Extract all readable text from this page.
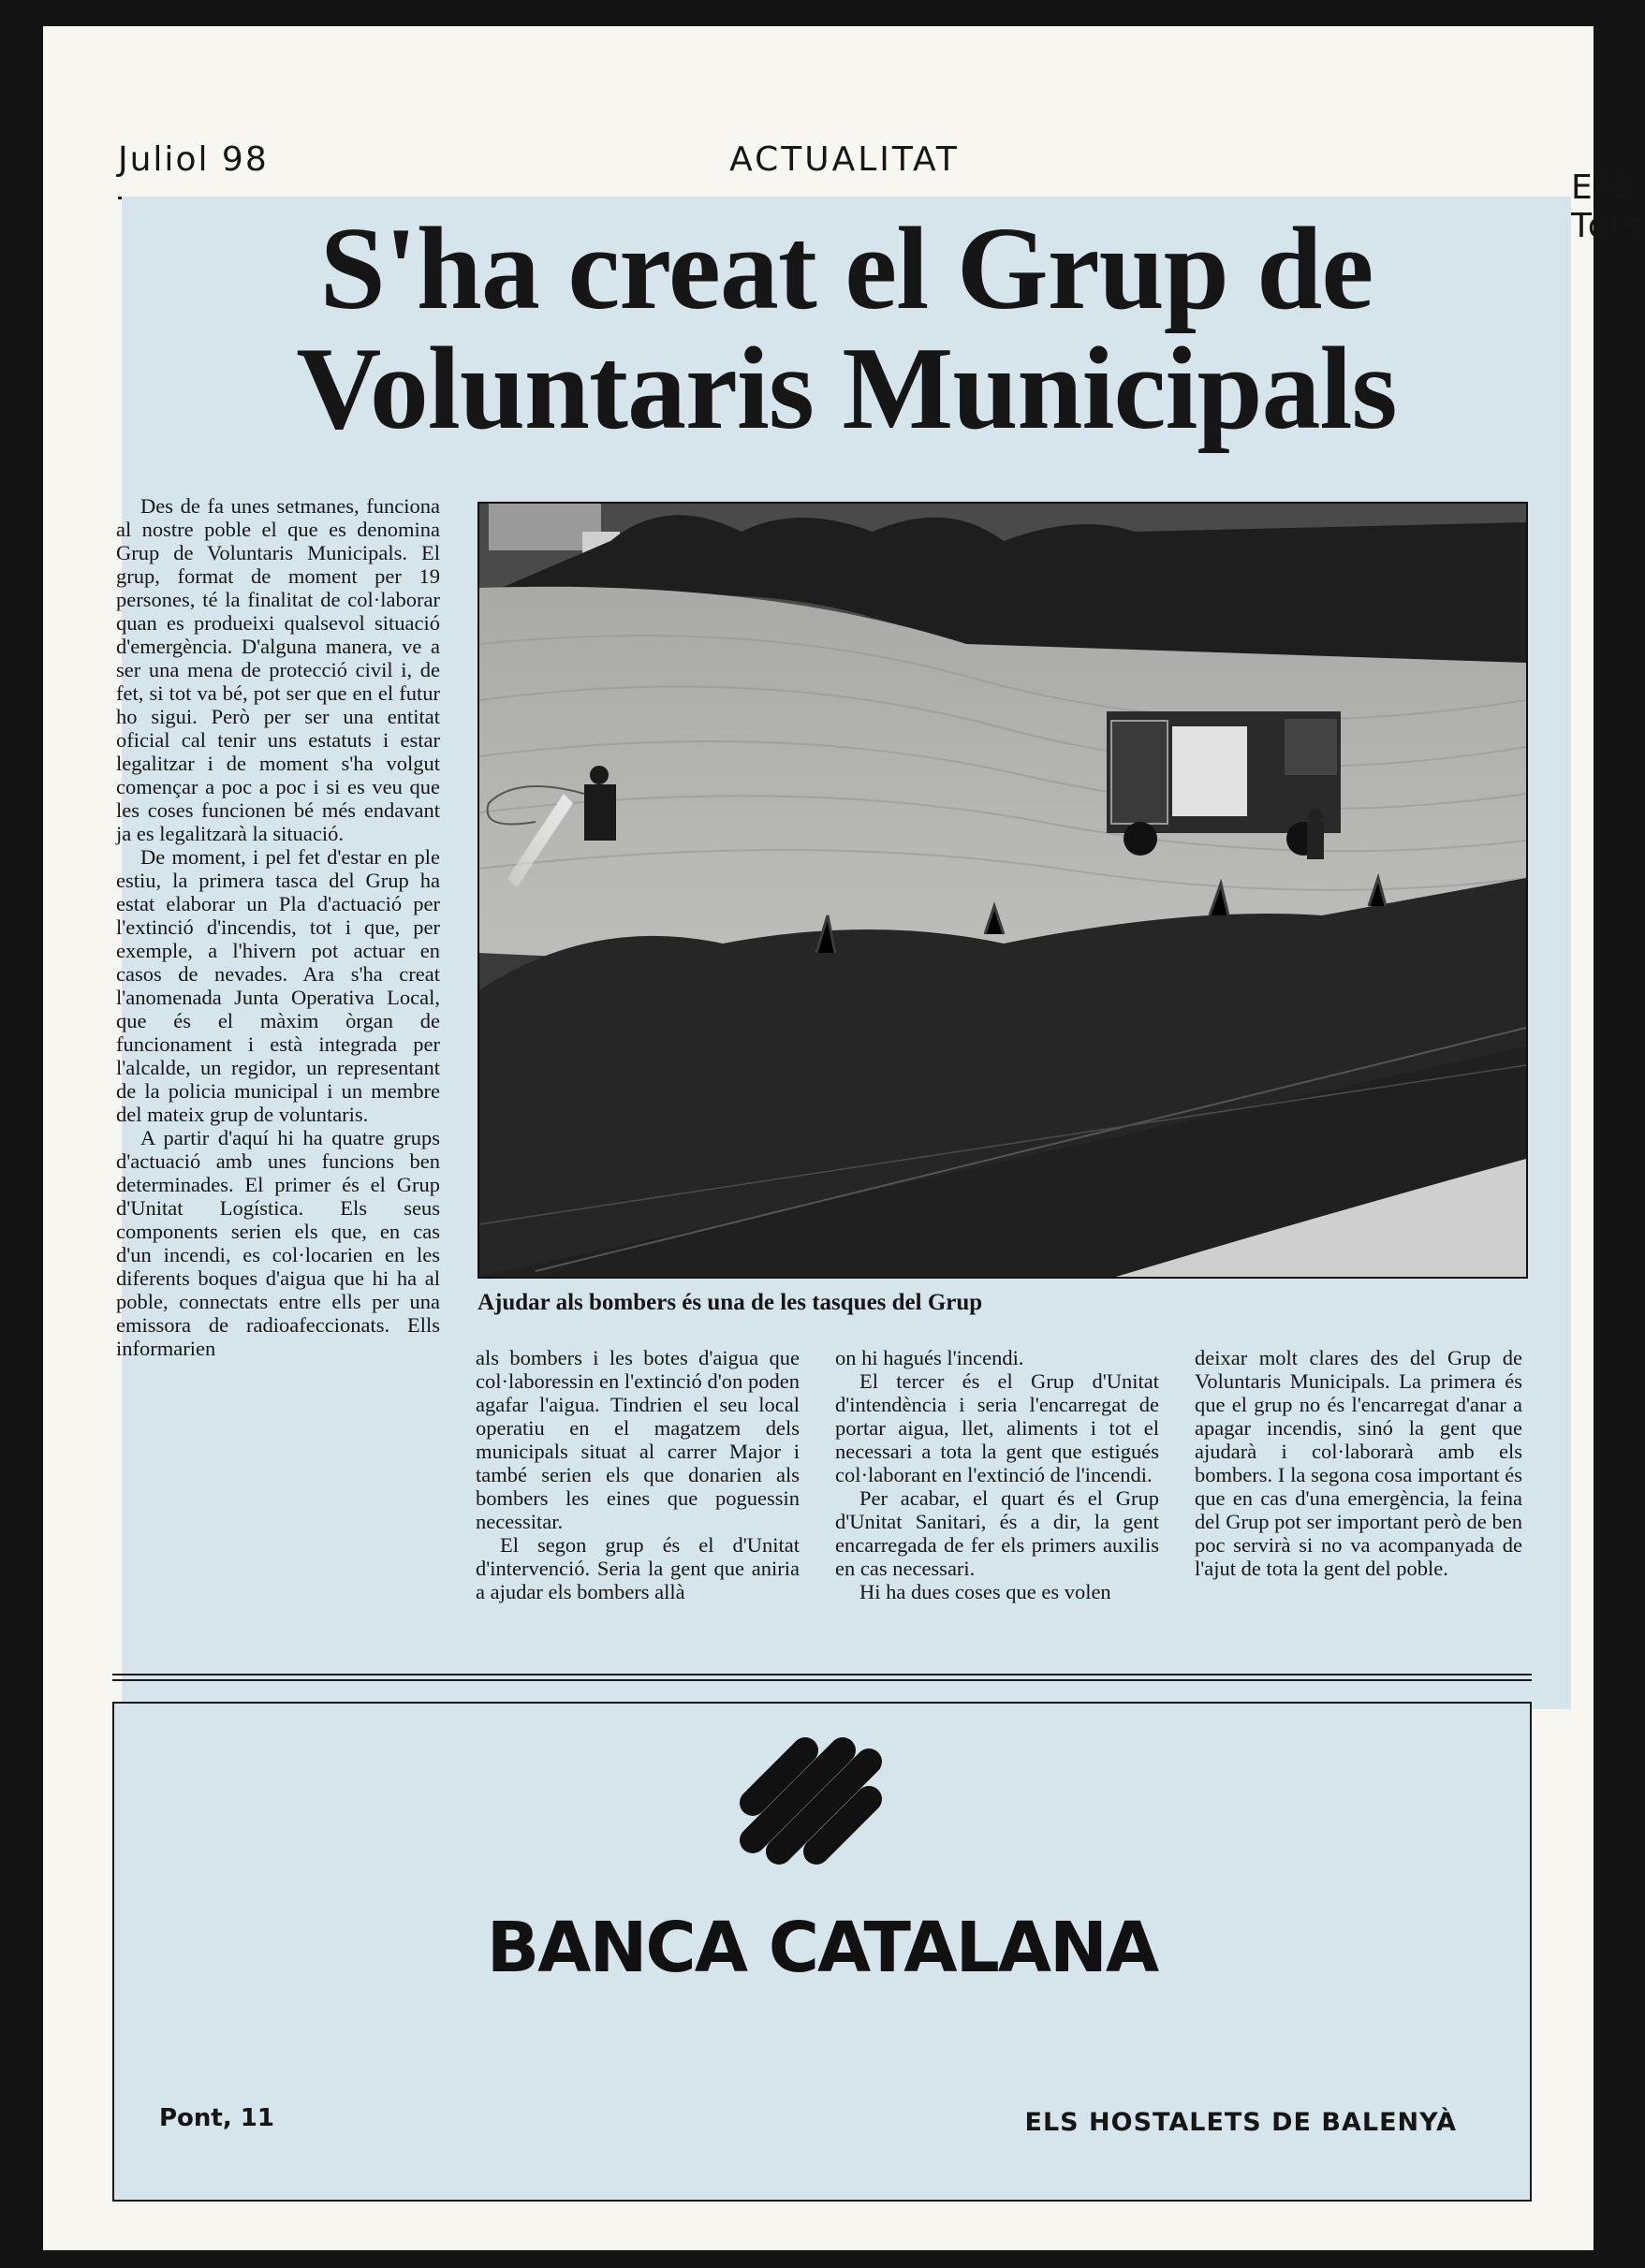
Juliol 98	ACTUALITAT
El Tots
9
S'ha creat el Grup de Voluntaris Municipals

Des de fa unes setmanes, funciona al nostre poble el que es denomina Grup de Voluntaris Municipals. El grup, format de moment per 19 persones, té la finalitat de col·laborar quan es produeixi qualsevol situació d'emergència. D'alguna manera, ve a ser una mena de protecció civil i, de fet, si tot va bé, pot ser que en el futur ho sigui. Però per ser una entitat oficial cal tenir uns estatuts i estar legalitzar i de moment s'ha volgut començar a poc a poc i si es veu que les coses funcionen bé més endavant ja es legalitzarà la situació.

De moment, i pel fet d'estar en ple estiu, la primera tasca del Grup ha estat elaborar un Pla d'actuació per l'extinció d'incendis, tot i que, per exemple, a l'hivern pot actuar en casos de nevades. Ara s'ha creat l'anomenada Junta Operativa Local, que és el màxim òrgan de funcionament i està integrada per l'alcalde, un regidor, un representant de la policia municipal i un membre del mateix grup de voluntaris.

A partir d'aquí hi ha quatre grups d'actuació amb unes funcions ben determinades. El primer és el Grup d'Unitat Logística. Els seus components serien els que, en cas d'un incendi, es col·locarien en les diferents boques d'aigua que hi ha al poble, connectats entre ells per una emissora de radioafeccionats. Ells informarien

Ajudar als bombers és una de les tasques del Grup

als bombers i les botes d'aigua que col·laboressin en l'extinció d'on poden agafar l'aigua. Tindrien el seu local operatiu en el magatzem dels municipals situat al carrer Major i també serien els que donarien als bombers les eines que poguessin necessitar.

El segon grup és el d'Unitat d'intervenció. Seria la gent que aniria a ajudar els bombers allà

on hi hagués l'incendi.

El tercer és el Grup d'Unitat d'intendència i seria l'encarregat de portar aigua, llet, aliments i tot el necessari a tota la gent que estigués col·laborant en l'extinció de l'incendi.

Per acabar, el quart és el Grup d'Unitat Sanitari, és a dir, la gent encarregada de fer els primers auxilis en cas necessari.

Hi ha dues coses que es volen

deixar molt clares des del Grup de Voluntaris Municipals. La primera és que el grup no és l'encarregat d'anar a apagar incendis, sinó la gent que ajudarà i col·laborarà amb els bombers. I la segona cosa important és que en cas d'una emergència, la feina del Grup pot ser important però de ben poc servirà si no va acompanyada de l'ajut de tota la gent del poble.

BANCA CATALANA
Pont, 11	ELS HOSTALETS DE BALENYÀ
